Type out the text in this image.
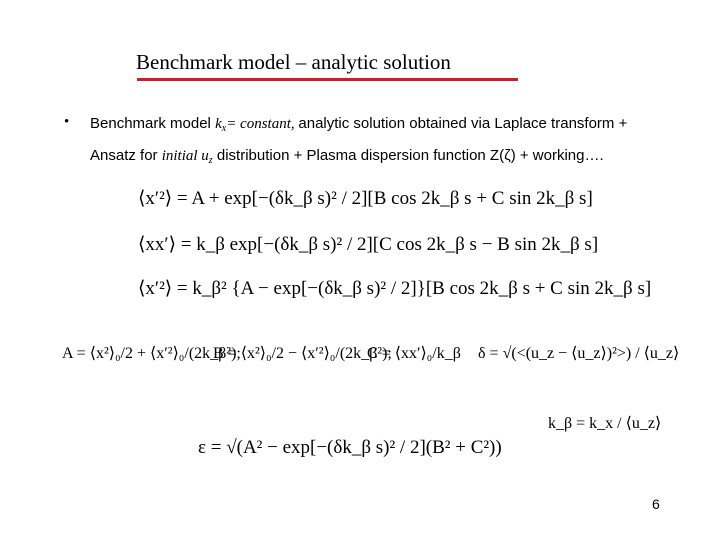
Benchmark model – analytic solution
• Benchmark model $k_x=$ constant, analytic solution obtained via Laplace transform +
Ansatz for initial $u_z$ distribution + Plasma dispersion function Z(ζ) + working….
⟨x′²⟩ = A + exp[−(δk_β s)² / 2][B cos 2k_β s + C sin 2k_β s]
⟨xx′⟩ = k_β exp[−(δk_β s)² / 2][C cos 2k_β s − B sin 2k_β s]
⟨x′²⟩ = k_β² {A − exp[−(δk_β s)² / 2]}[B cos 2k_β s + C sin 2k_β s]
A = ⟨x²⟩₀/2 + ⟨x′²⟩₀/(2k_β²);
B = ⟨x²⟩₀/2 − ⟨x′²⟩₀/(2k_β²);
C = ⟨xx′⟩₀/k_β δ = √(<(u_z − ⟨u_z⟩)²>) / ⟨u_z⟩
k_β = k_x / ⟨u_z⟩
ε = √(A² − exp[−(δk_β s)² / 2](B² + C²))
6
